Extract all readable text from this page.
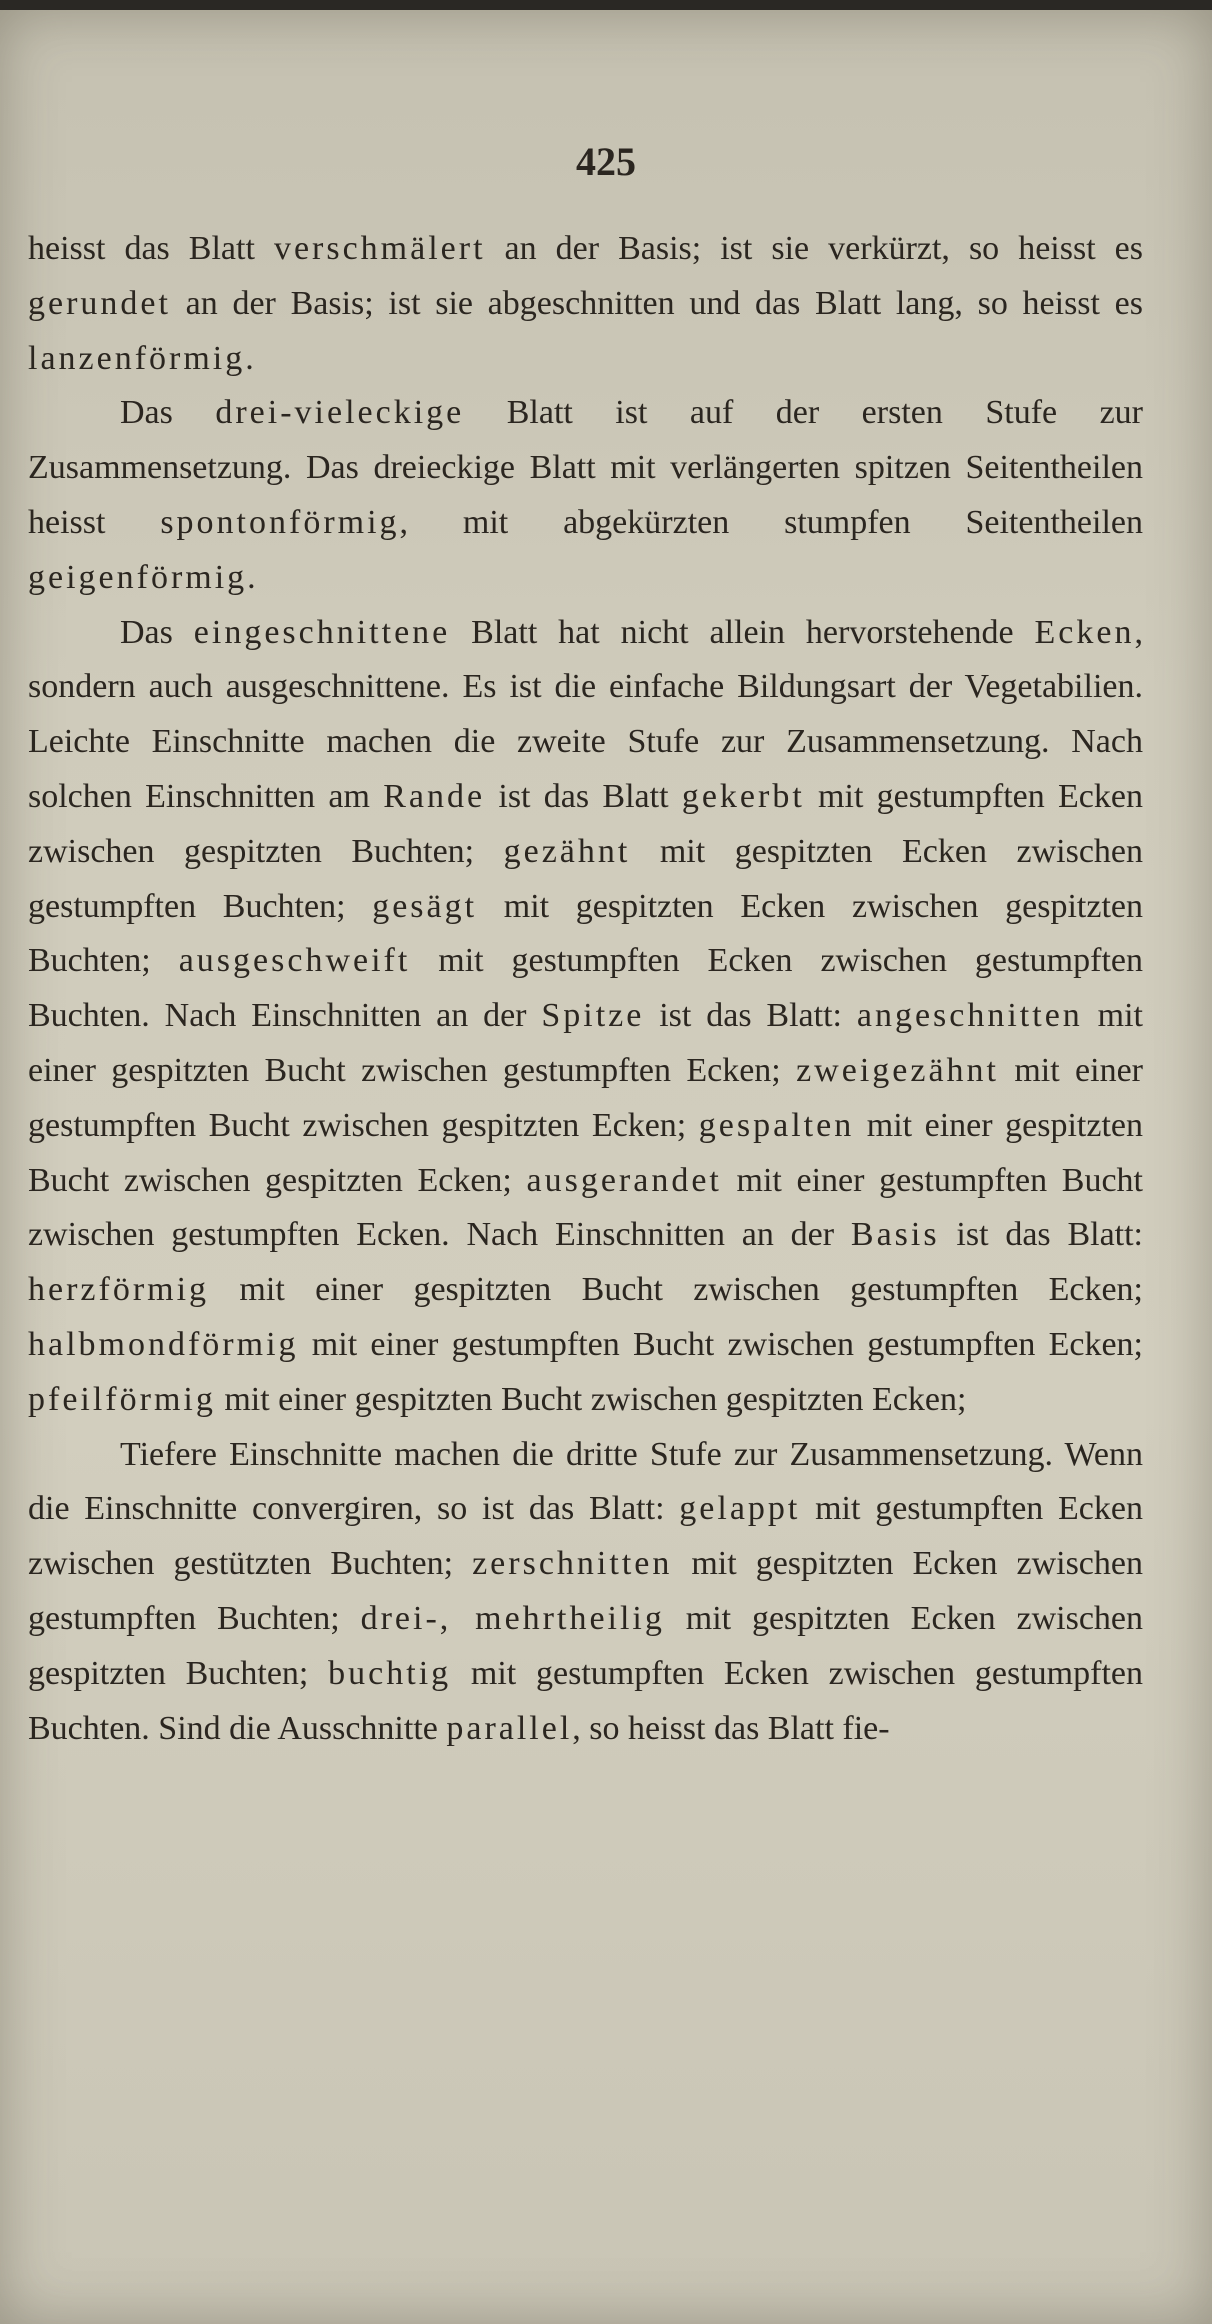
425

heisst das Blatt verschmälert an der Basis; ist sie verkürzt, so heisst es gerundet an der Basis; ist sie abgeschnitten und das Blatt lang, so heisst es lanzenförmig.

Das drei-vieleckige Blatt ist auf der ersten Stufe zur Zusammensetzung. Das dreieckige Blatt mit verlängerten spitzen Seitentheilen heisst spontonförmig, mit abgekürzten stumpfen Seitentheilen geigenförmig.

Das eingeschnittene Blatt hat nicht allein hervorstehende Ecken, sondern auch ausgeschnittene. Es ist die einfache Bildungsart der Vegetabilien. Leichte Einschnitte machen die zweite Stufe zur Zusammensetzung. Nach solchen Einschnitten am Rande ist das Blatt gekerbt mit gestumpften Ecken zwischen gespitzten Buchten; gezähnt mit gespitzten Ecken zwischen gestumpften Buchten; gesägt mit gespitzten Ecken zwischen gespitzten Buchten; ausgeschweift mit gestumpften Ecken zwischen gestumpften Buchten. Nach Einschnitten an der Spitze ist das Blatt: angeschnitten mit einer gespitzten Bucht zwischen gestumpften Ecken; zweigezähnt mit einer gestumpften Bucht zwischen gespitzten Ecken; gespalten mit einer gespitzten Bucht zwischen gespitzten Ecken; ausgerandet mit einer gestumpften Bucht zwischen gestumpften Ecken. Nach Einschnitten an der Basis ist das Blatt: herzförmig mit einer gespitzten Bucht zwischen gestumpften Ecken; halbmondförmig mit einer gestumpften Bucht zwischen gestumpften Ecken; pfeilförmig mit einer gespitzten Bucht zwischen gespitzten Ecken;

Tiefere Einschnitte machen die dritte Stufe zur Zusammensetzung. Wenn die Einschnitte convergiren, so ist das Blatt: gelappt mit gestumpften Ecken zwischen gestützten Buchten; zerschnitten mit gespitzten Ecken zwischen gestumpften Buchten; drei-, mehrtheilig mit gespitzten Ecken zwischen gespitzten Buchten; buchtig mit gestumpften Ecken zwischen gestumpften Buchten. Sind die Ausschnitte parallel, so heisst das Blatt fie-
